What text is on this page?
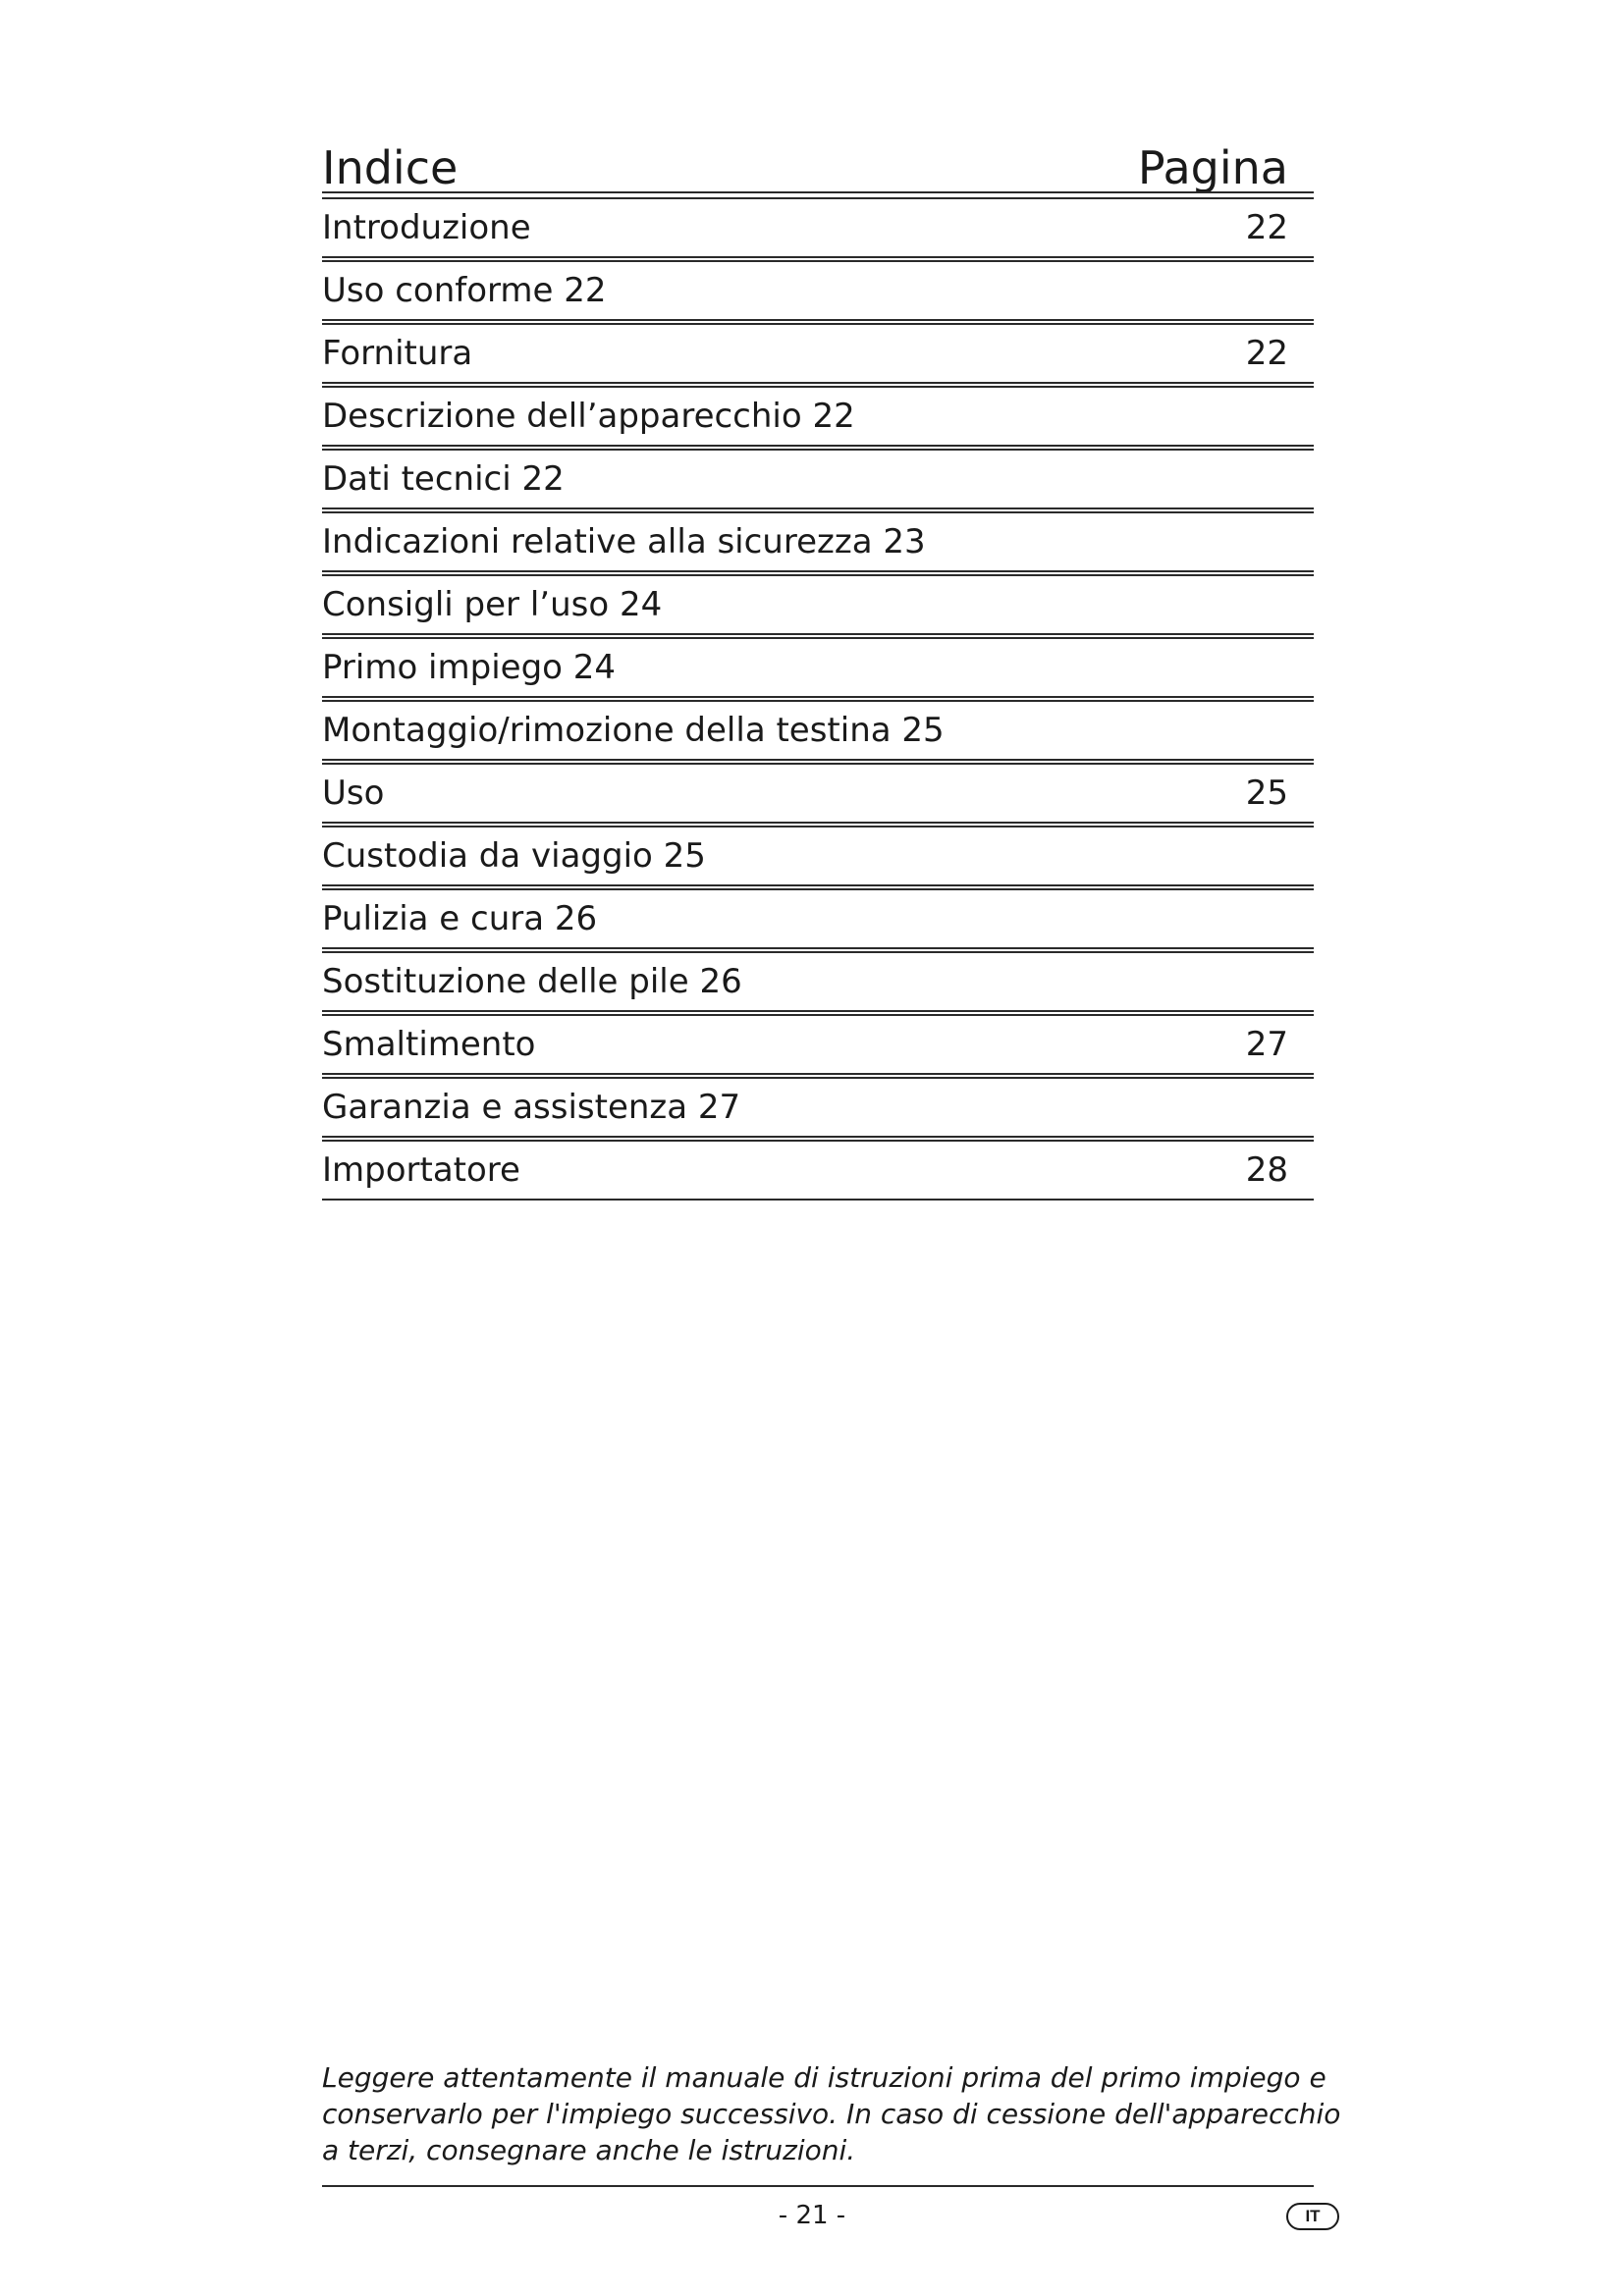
Indice	Pagina
Introduzione	22
Uso conforme 22
Fornitura	22
Descrizione dell’apparecchio 22
Dati tecnici 22
Indicazioni relative alla sicurezza 23
Consigli per l’uso 24
Primo impiego 24
Montaggio/rimozione della testina 25
Uso	25
Custodia da viaggio 25
Pulizia e cura 26
Sostituzione delle pile 26
Smaltimento	27
Garanzia e assistenza 27
Importatore	28
Leggere attentamente il manuale di istruzioni prima del primo impiego e
conservarlo per l'impiego successivo. In caso di cessione dell'apparecchio
a terzi, consegnare anche le istruzioni.
- 21 -	IT
